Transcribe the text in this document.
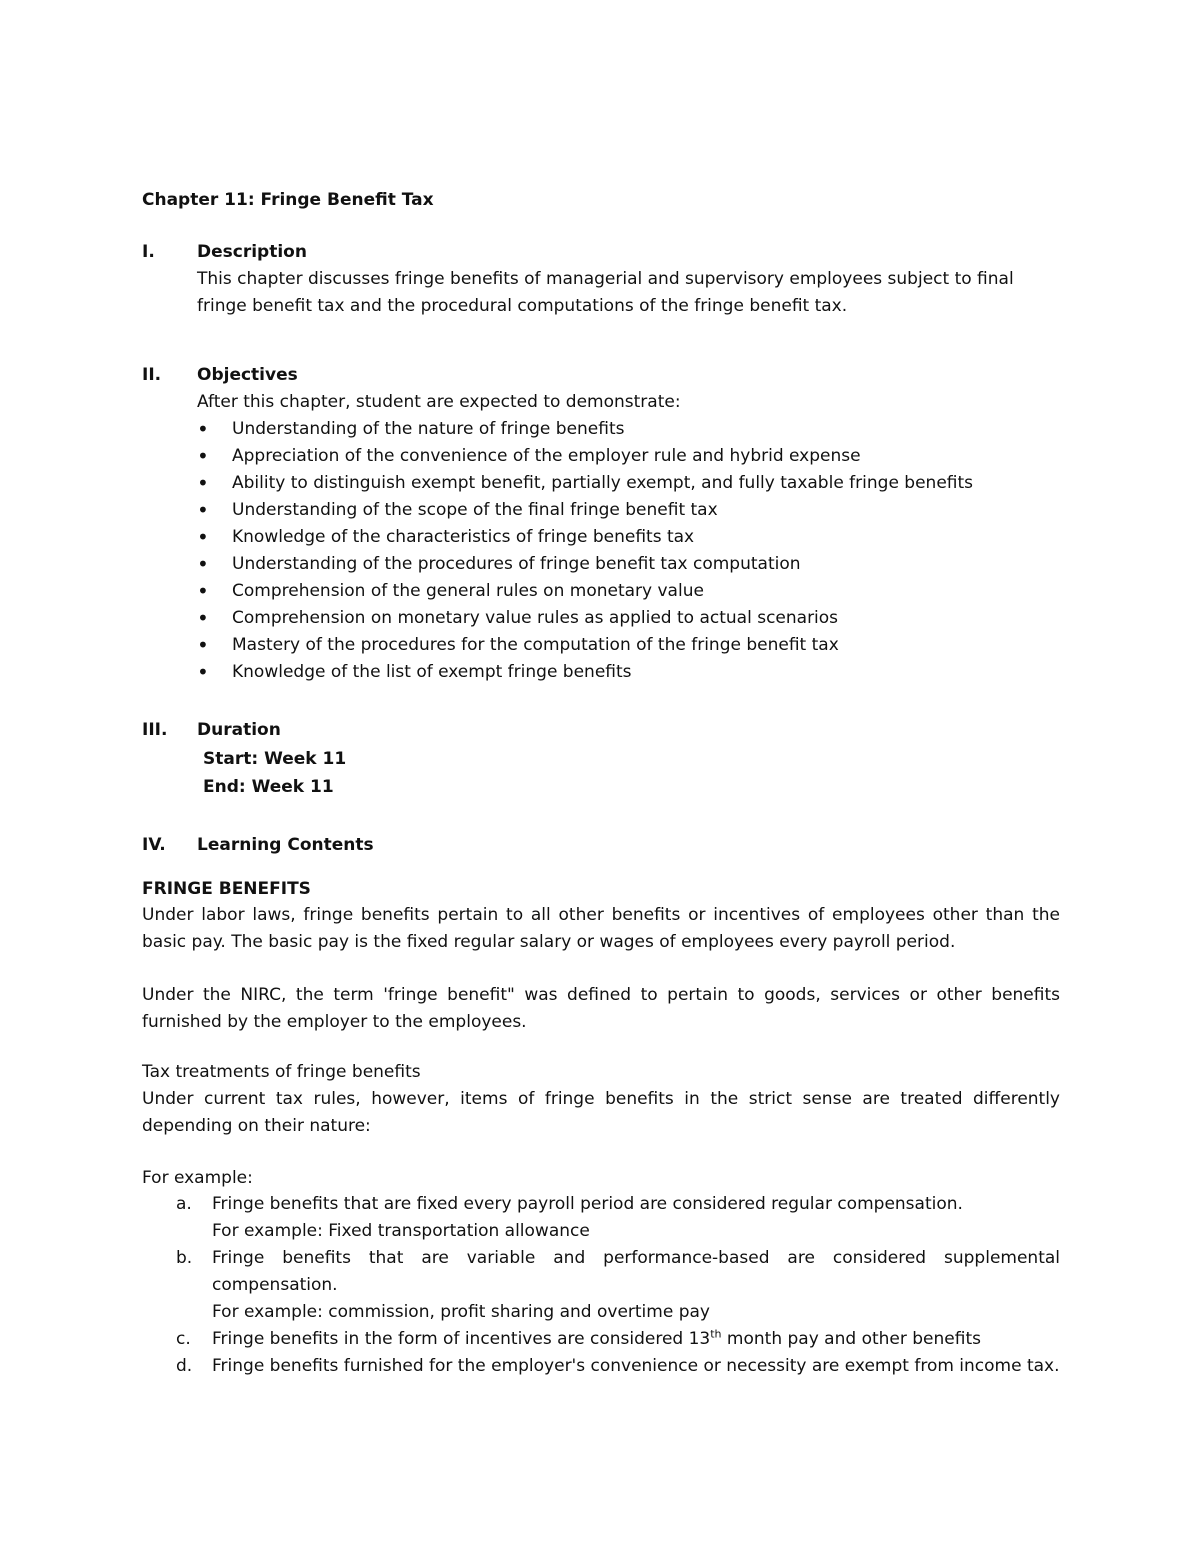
Chapter 11: Fringe Benefit Tax
I. Description
This chapter discusses fringe benefits of managerial and supervisory employees subject to final fringe benefit tax and the procedural computations of the fringe benefit tax.
II. Objectives
After this chapter, student are expected to demonstrate:
• Understanding of the nature of fringe benefits
• Appreciation of the convenience of the employer rule and hybrid expense
• Ability to distinguish exempt benefit, partially exempt, and fully taxable fringe benefits
• Understanding of the scope of the final fringe benefit tax
• Knowledge of the characteristics of fringe benefits tax
• Understanding of the procedures of fringe benefit tax computation
• Comprehension of the general rules on monetary value
• Comprehension on monetary value rules as applied to actual scenarios
• Mastery of the procedures for the computation of the fringe benefit tax
• Knowledge of the list of exempt fringe benefits
III. Duration
Start: Week 11
End: Week 11
IV. Learning Contents
FRINGE BENEFITS
Under labor laws, fringe benefits pertain to all other benefits or incentives of employees other than the basic pay. The basic pay is the fixed regular salary or wages of employees every payroll period.
Under the NIRC, the term 'fringe benefit" was defined to pertain to goods, services or other benefits furnished by the employer to the employees.
Tax treatments of fringe benefits
Under current tax rules, however, items of fringe benefits in the strict sense are treated differently depending on their nature:
For example:
a. Fringe benefits that are fixed every payroll period are considered regular compensation.
For example: Fixed transportation allowance
b. Fringe benefits that are variable and performance-based are considered supplemental compensation.
For example: commission, profit sharing and overtime pay
c. Fringe benefits in the form of incentives are considered 13th month pay and other benefits
d. Fringe benefits furnished for the employer's convenience or necessity are exempt from income tax.
